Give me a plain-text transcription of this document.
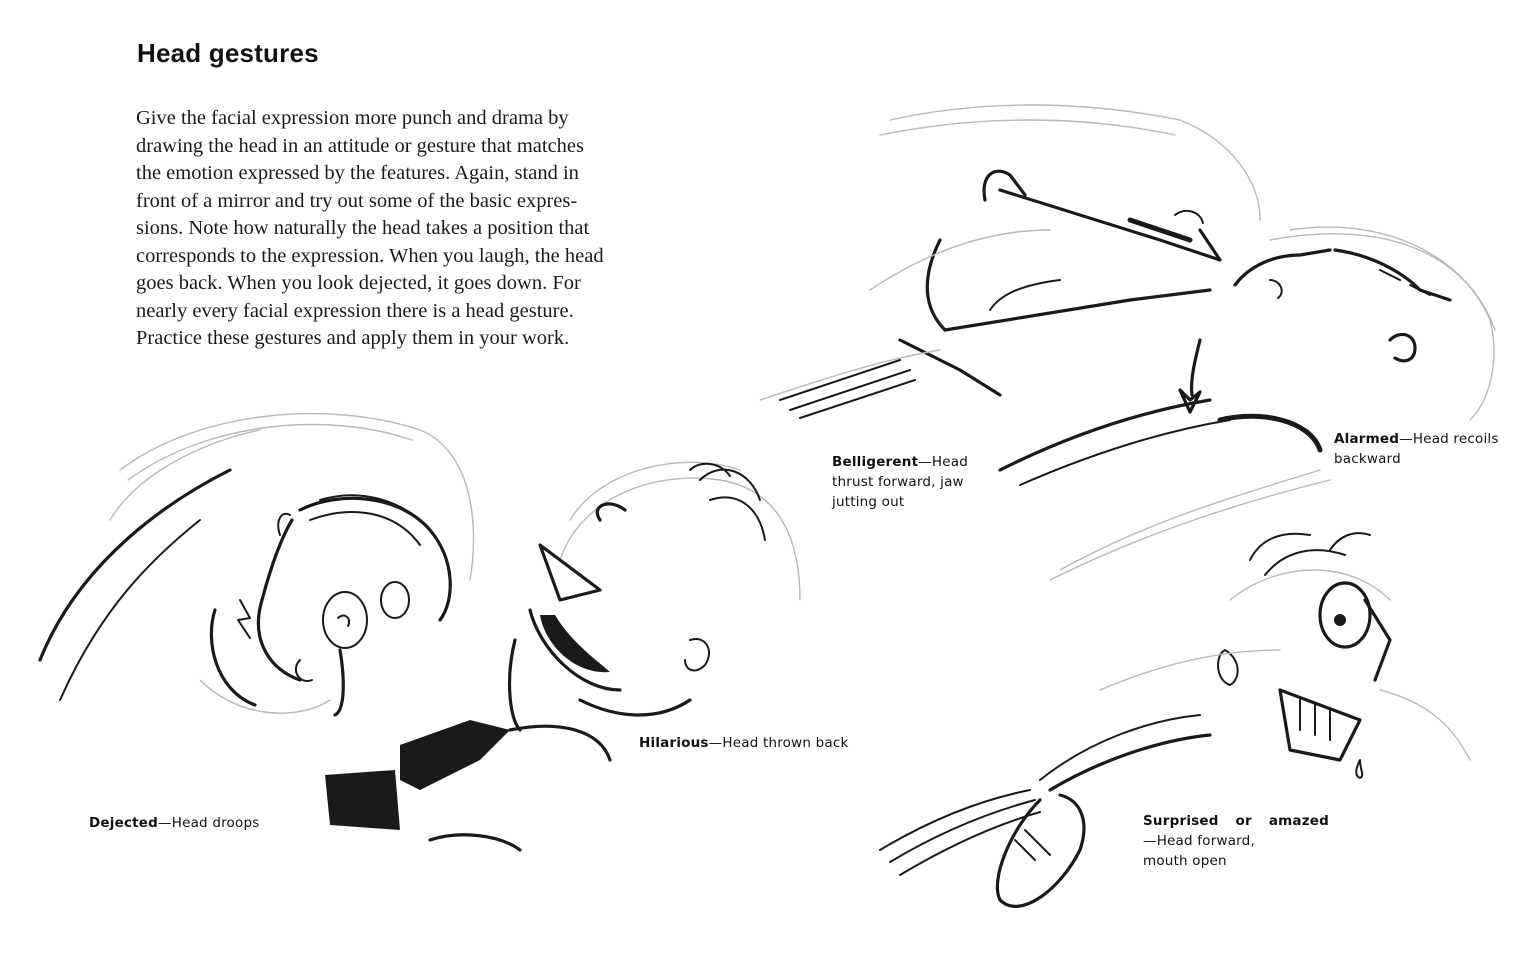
Head gestures
Give the facial expression more punch and drama by
drawing the head in an attitude or gesture that matches
the emotion expressed by the features. Again, stand in
front of a mirror and try out some of the basic expres-
sions. Note how naturally the head takes a position that
corresponds to the expression. When you laugh, the head
goes back. When you look dejected, it goes down. For
nearly every facial expression there is a head gesture.
Practice these gestures and apply them in your work.
Dejected—Head droops
Hilarious—Head thrown back
Belligerent—Head
thrust forward, jaw
jutting out
Alarmed—Head recoils
backward
Surprised or amazed
—Head forward,
mouth open
